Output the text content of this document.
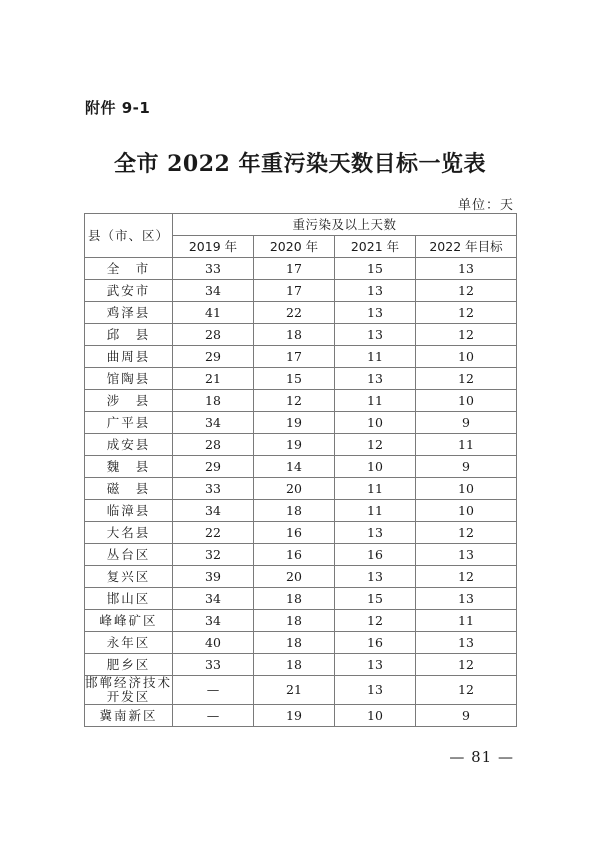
附件 9-1
全市 2022 年重污染天数目标一览表
单位：天
县（市、区）	重污染及以上天数			
	2019 年	2020 年	2021 年	2022 年目标
全　市	33	17	15	13
武安市	34	17	13	12
鸡泽县	41	22	13	12
邱　县	28	18	13	12
曲周县	29	17	11	10
馆陶县	21	15	13	12
涉　县	18	12	11	10
广平县	34	19	10	9
成安县	28	19	12	11
魏　县	29	14	10	9
磁　县	33	20	11	10
临漳县	34	18	11	10
大名县	22	16	13	12
丛台区	32	16	16	13
复兴区	39	20	13	12
邯山区	34	18	15	13
峰峰矿区	34	18	12	11
永年区	40	18	16	13
肥乡区	33	18	13	12
邯郸经济技术
开发区	—	21	13	12
冀南新区	—	19	10	9
— 81 —
